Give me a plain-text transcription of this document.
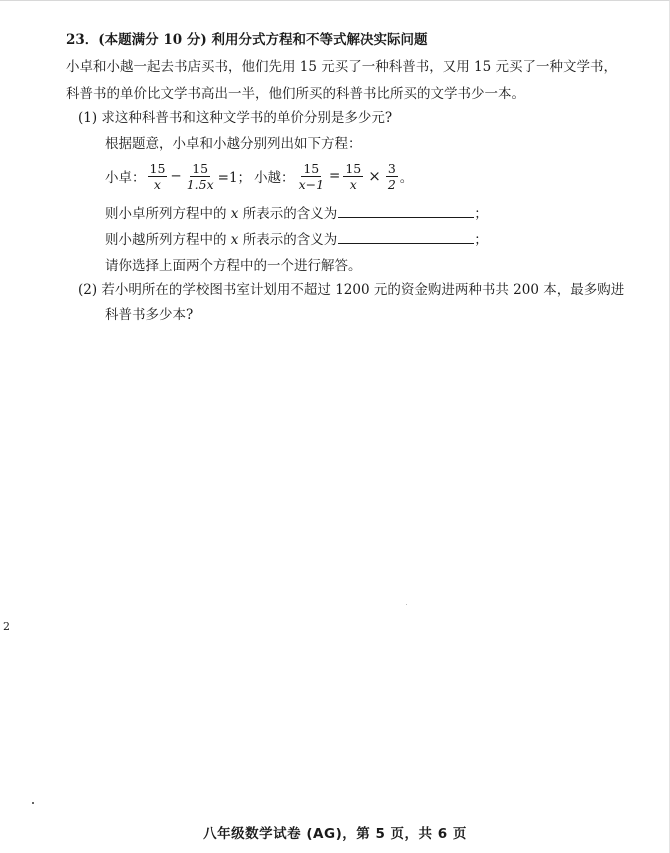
23．(本题满分 10 分) 利用分式方程和不等式解决实际问题
小卓和小越一起去书店买书，他们先用 15 元买了一种科普书，又用 15 元买了一种文学书，
科普书的单价比文学书高出一半，他们所买的科普书比所买的文学书少一本。
(1) 求这种科普书和这种文学书的单价分别是多少元?
根据题意，小卓和小越分别列出如下方程：
小卓： $\frac{15}{x} - \frac{15}{1.5x} =1$； 小越： $\frac{15}{x-1} = \frac{15}{x} \times \frac{3}{2}$ 。
则小卓所列方程中的 x 所表示的含义为	；
则小越所列方程中的 x 所表示的含义为	；
请你选择上面两个方程中的一个进行解答。
(2) 若小明所在的学校图书室计划用不超过 1200 元的资金购进两种书共 200 本，最多购进
科普书多少本?
2
八年级数学试卷 (AG)，第 5 页，共 6 页
